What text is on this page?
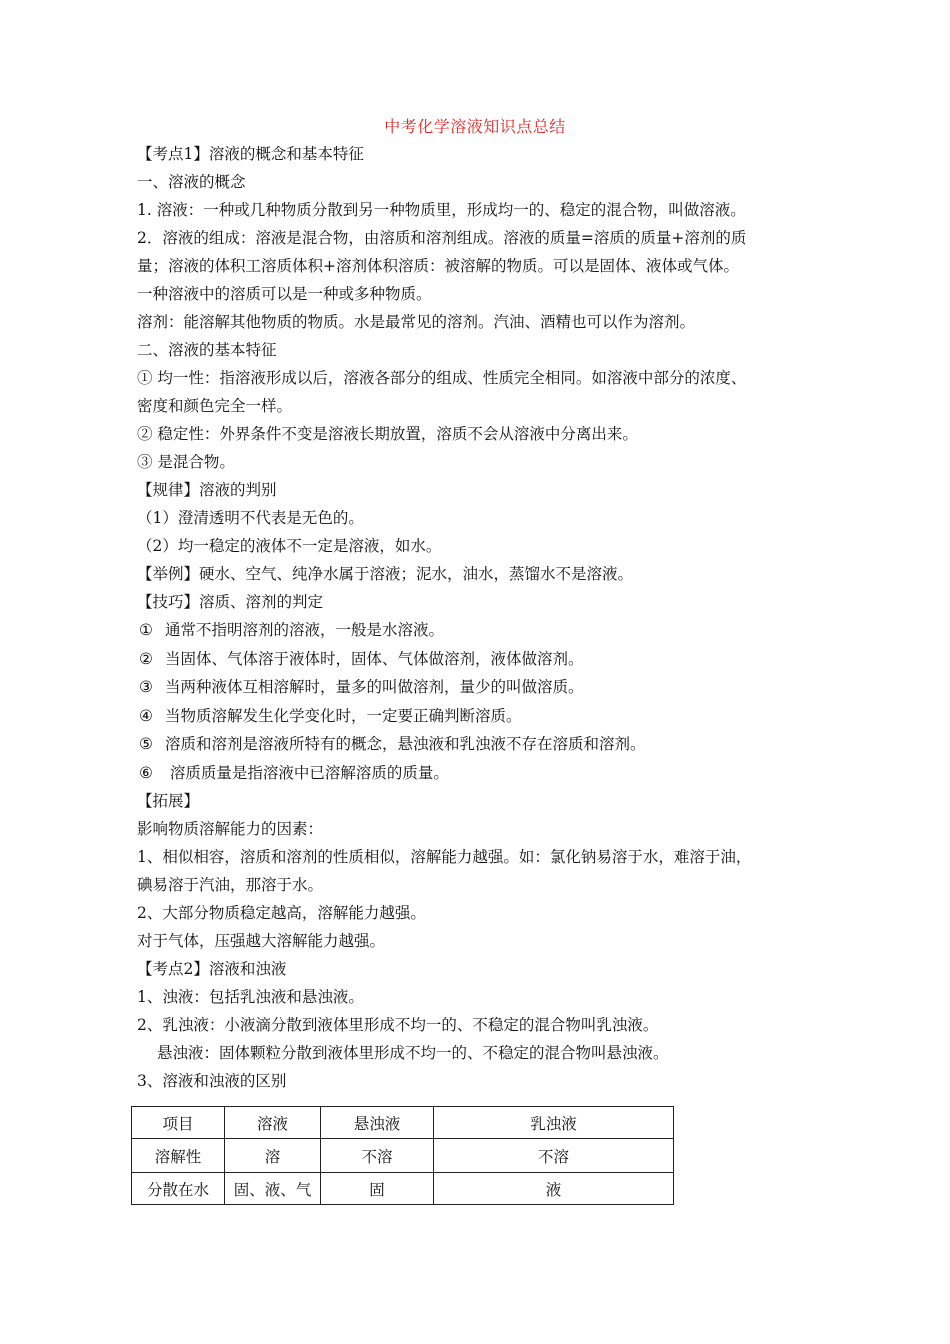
中考化学溶液知识点总结
【考点1】溶液的概念和基本特征
一、溶液的概念
1. 溶液：一种或几种物质分散到另一种物质里，形成均一的、稳定的混合物，叫做溶液。
2．溶液的组成：溶液是混合物，由溶质和溶剂组成。溶液的质量=溶质的质量+溶剂的质
量；溶液的体积工溶质体积+溶剂体积溶质：被溶解的物质。可以是固体、液体或气体。
一种溶液中的溶质可以是一种或多种物质。
溶剂：能溶解其他物质的物质。水是最常见的溶剂。汽油、酒精也可以作为溶剂。
二、溶液的基本特征
① 均一性：指溶液形成以后，溶液各部分的组成、性质完全相同。如溶液中部分的浓度、
密度和颜色完全一样。
② 稳定性：外界条件不变是溶液长期放置，溶质不会从溶液中分离出来。
③ 是混合物。
【规律】溶液的判别
（1）澄清透明不代表是无色的。
（2）均一稳定的液体不一定是溶液，如水。
【举例】硬水、空气、纯净水属于溶液；泥水，油水，蒸馏水不是溶液。
【技巧】溶质、溶剂的判定
① 通常不指明溶剂的溶液，一般是水溶液。
② 当固体、气体溶于液体时，固体、气体做溶剂，液体做溶剂。
③ 当两种液体互相溶解时，量多的叫做溶剂，量少的叫做溶质。
④ 当物质溶解发生化学变化时，一定要正确判断溶质。
⑤ 溶质和溶剂是溶液所特有的概念，悬浊液和乳浊液不存在溶质和溶剂。
⑥ 溶质质量是指溶液中已溶解溶质的质量。
【拓展】
影响物质溶解能力的因素：
1、相似相容，溶质和溶剂的性质相似，溶解能力越强。如：氯化钠易溶于水，难溶于油，
碘易溶于汽油，那溶于水。
2、大部分物质稳定越高，溶解能力越强。
对于气体，压强越大溶解能力越强。
【考点2】溶液和浊液
1、浊液：包括乳浊液和悬浊液。
2、乳浊液：小液滴分散到液体里形成不均一的、不稳定的混合物叫乳浊液。
悬浊液：固体颗粒分散到液体里形成不均一的、不稳定的混合物叫悬浊液。
3、溶液和浊液的区别
项目	溶液	悬浊液	乳浊液
溶解性	溶	不溶	不溶
分散在水	固、液、气	固	液
